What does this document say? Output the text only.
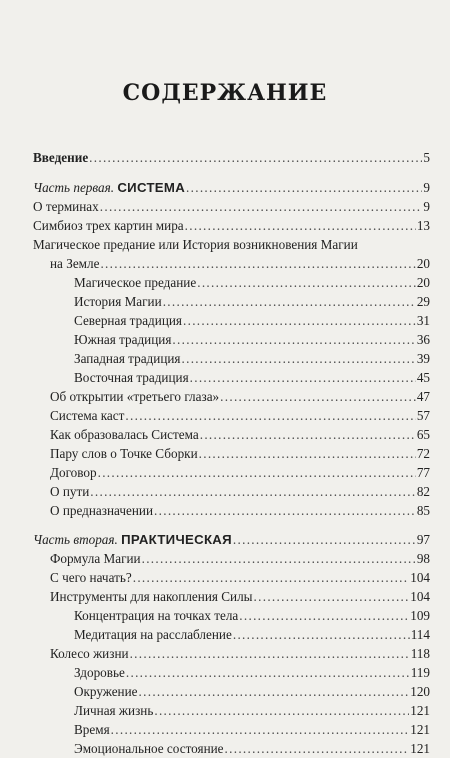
СОДЕРЖАНИЕ
Введение . . .	5
Часть первая. СИСТЕМА . . .	9
О терминах . . .	9
Симбиоз трех картин мира . . .	13
Магическое предание или История возникновения Магии
на Земле . . .	20
Магическое предание . . .	20
История Магии . . .	29
Северная традиция . . .	31
Южная традиция . . .	36
Западная традиция . . .	39
Восточная традиция . . .	45
Об открытии «третьего глаза» . . .	47
Система каст . . .	57
Как образовалась Система . . .	65
Пару слов о Точке Сборки . . .	72
Договор . . .	77
О пути . . .	82
О предназначении . . .	85
Часть вторая. ПРАКТИЧЕСКАЯ . . .	97
Формула Магии . . .	98
С чего начать? . . .	104
Инструменты для накопления Силы . . .	104
Концентрация на точках тела . . .	109
Медитация на расслабление . . .	114
Колесо жизни . . .	118
Здоровье . . .	119
Окружение . . .	120
Личная жизнь . . .	121
Время . . .	121
Эмоциональное состояние . . .	121
